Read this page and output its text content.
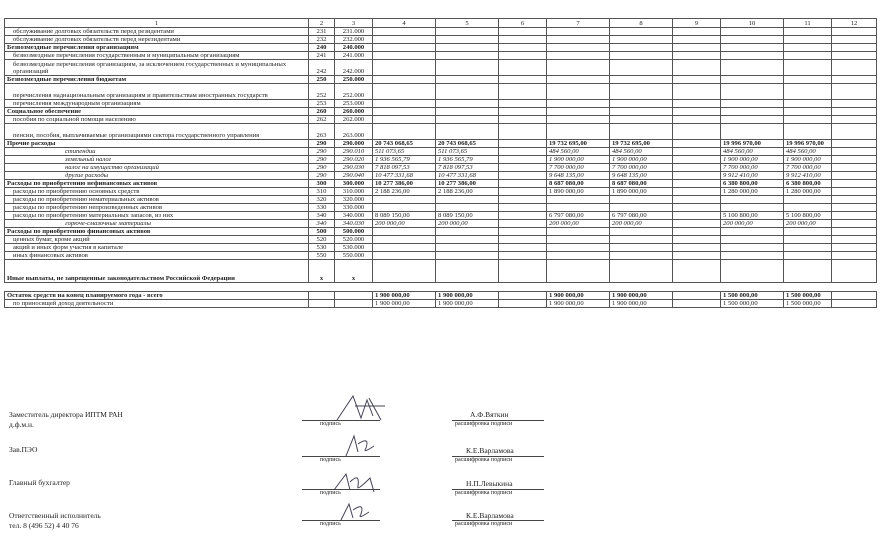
1	2	3	4	5	6	7	8	9	10	11	12
обслуживание долговых обязательств перед резидентами	231	231.000									
обслуживание долговых обязательств перед нерезидентами	232	232.000									
Безвозмездные перечисления организациям	240	240.000									
безвозмездные перечисления государственным и муниципальным организациям	241	241.000									
безвозмездные перечисления организациям, за исключением государственных и муниципальных организаций	242	242.000									
Безвозмездные перечисления бюджетам	250	250.000									
перечисления наднациональным организациям и правительствам иностранных государств	252	252.000									
перечисления международным организациям	253	253.000									
Социальное обеспечение	260	260.000									
пособия по социальной помощи населению	262	262.000									
пенсии, пособия, выплачиваемые организациями сектора государственного управления	263	263.000									
Прочие расходы	290	290.000	20 743 068,65	20 743 068,65		19 732 695,00	19 732 695,00		19 996 970,00	19 996 970,00	
стипендии	290	290.010	511 073,65	511 073,65		484 560,00	484 560,00		484 560,00	484 560,00	
земельный налог	290	290.020	1 936 565,79	1 936 565,79		1 900 000,00	1 900 000,00		1 900 000,00	1 900 000,00	
налог на имущество организаций	290	290.030	7 818 097,53	7 818 097,53		7 700 000,00	7 700 000,00		7 700 000,00	7 700 000,00	
другие расходы	290	290.040	10 477 331,68	10 477 331,68		9 648 135,00	9 648 135,00		9 912 410,00	9 912 410,00	
Расходы по приобретению нефинансовых активов	300	300.000	10 277 386,00	10 277 386,00		8 687 080,00	8 687 080,00		6 380 800,00	6 380 800,00	
расходы по приобретению основных средств	310	310.000	2 188 236,00	2 188 236,00		1 890 000,00	1 890 000,00		1 280 000,00	1 280 000,00	
расходы по приобретению нематериальных активов	320	320.000									
расходы по приобретению непроизведенных активов	330	330.000									
расходы по приобретению материальных запасов, из них	340	340.000	8 089 150,00	8 089 150,00		6 797 080,00	6 797 080,00		5 100 800,00	5 100 800,00	
горюче-смазочные материалы	340	340.030	200 000,00	200 000,00		200 000,00	200 000,00		200 000,00	200 000,00	
Расходы по приобретению финансовых активов	500	500.000									
ценных бумаг, кроме акций	520	520.000									
акций и иных форм участия в капитале	530	530.000									
иных финансовых активов	550	550.000									
Иные выплаты, не запрещенные законодательством Российской Федерации	x	x									
Остаток средств на конец планируемого года - всего			1 900 000,00	1 900 000,00		1 900 000,00	1 900 000,00		1 500 000,00	1 500 000,00	
по приносящей доход деятельности			1 900 000,00	1 900 000,00		1 900 000,00	1 900 000,00		1 500 000,00	1 500 000,00	
Заместитель директора ИПТМ РАН
д.ф.м.н.	подпись
А.Ф.Вяткин
расшифровка подписи
Зав.ПЭО
подпись
К.Е.Варламова
расшифровка подписи
Главный бухгалтер
подпись
Н.П.Левыкина
расшифровка подписи
Ответственный исполнитель
тел. 8 (496 52) 4 40 76	подпись
К.Е.Варламова
расшифровка подписи
